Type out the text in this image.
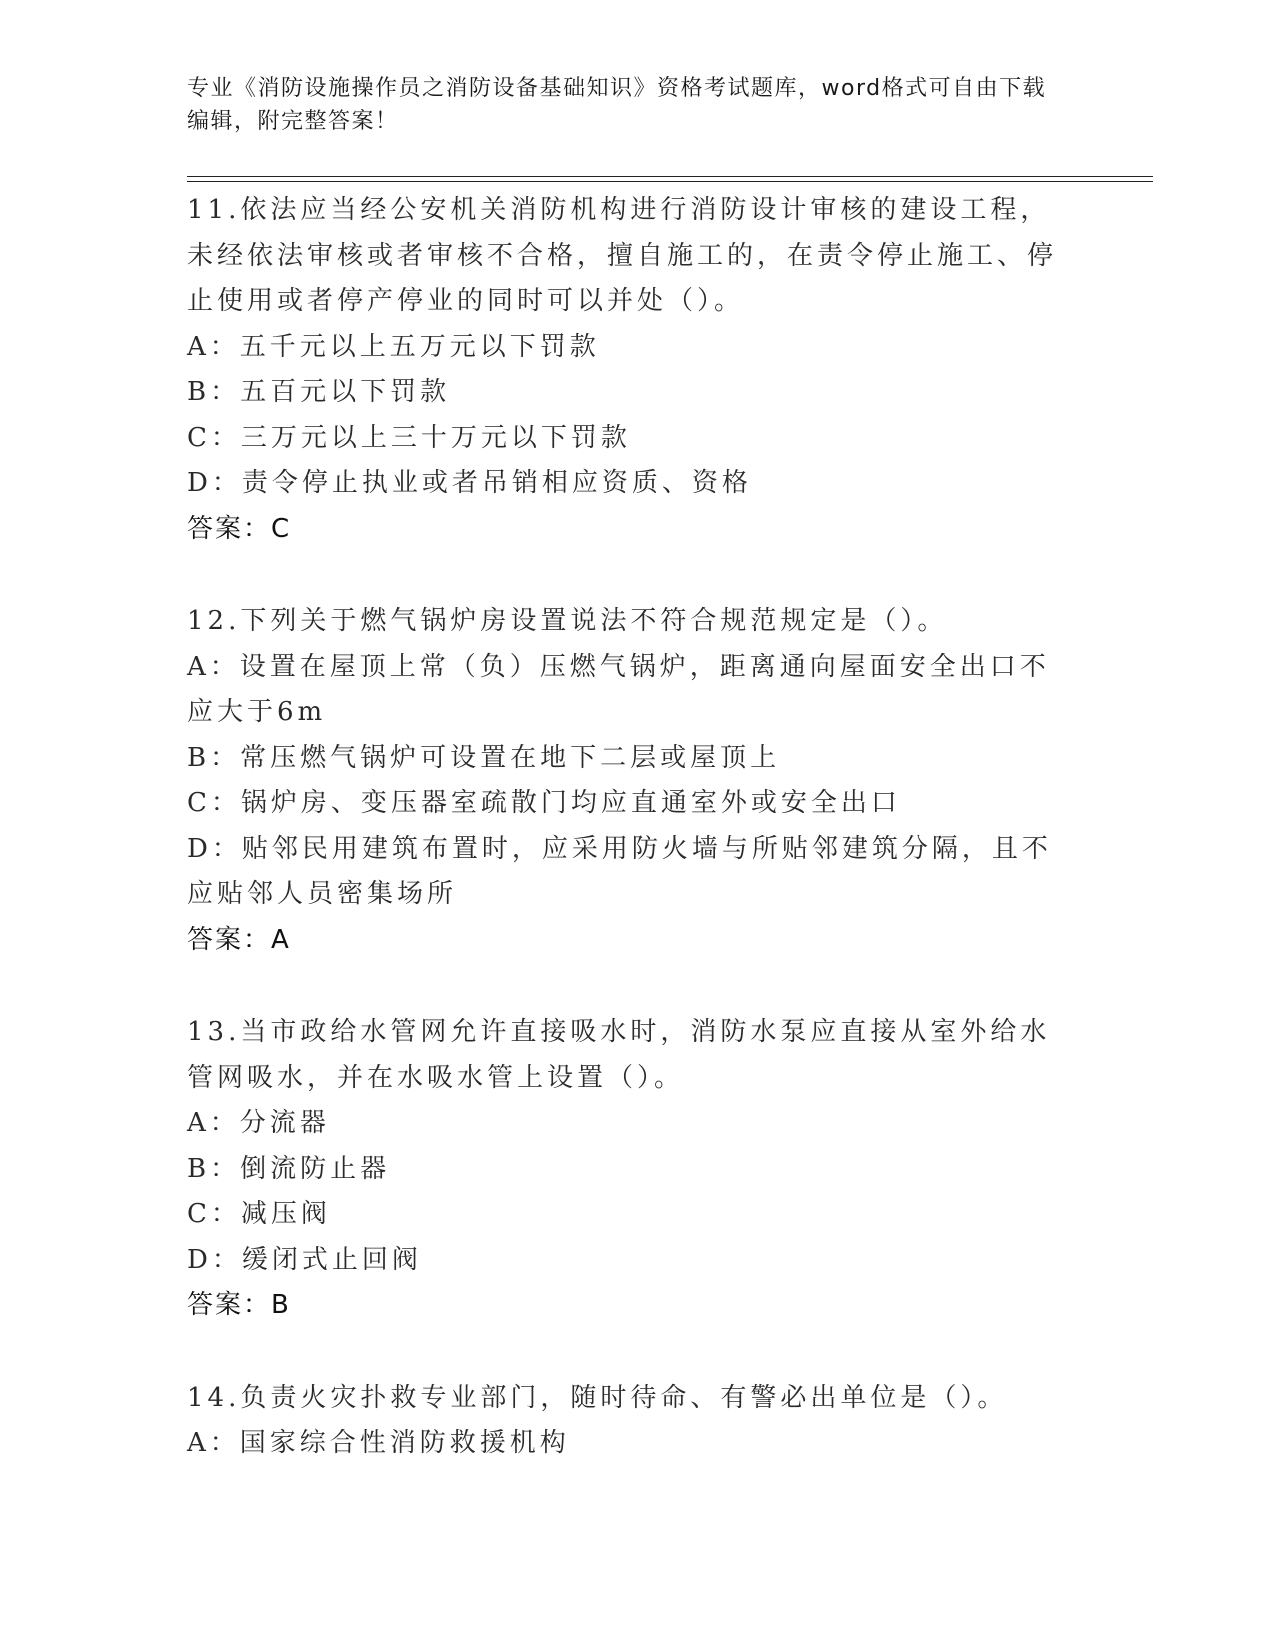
专业《消防设施操作员之消防设备基础知识》资格考试题库，word格式可自由下载编辑，附完整答案！

11.依法应当经公安机关消防机构进行消防设计审核的建设工程，未经依法审核或者审核不合格，擅自施工的，在责令停止施工、停止使用或者停产停业的同时可以并处（）。

A：五千元以上五万元以下罚款

B：五百元以下罚款

C：三万元以上三十万元以下罚款

D：责令停止执业或者吊销相应资质、资格

答案：C

12.下列关于燃气锅炉房设置说法不符合规范规定是（）。

A：设置在屋顶上常（负）压燃气锅炉，距离通向屋面安全出口不应大于6m

B：常压燃气锅炉可设置在地下二层或屋顶上

C：锅炉房、变压器室疏散门均应直通室外或安全出口

D：贴邻民用建筑布置时，应采用防火墙与所贴邻建筑分隔，且不应贴邻人员密集场所

答案：A

13.当市政给水管网允许直接吸水时，消防水泵应直接从室外给水管网吸水，并在水吸水管上设置（）。

A：分流器

B：倒流防止器

C：减压阀

D：缓闭式止回阀

答案：B

14.负责火灾扑救专业部门，随时待命、有警必出单位是（）。

A：国家综合性消防救援机构
